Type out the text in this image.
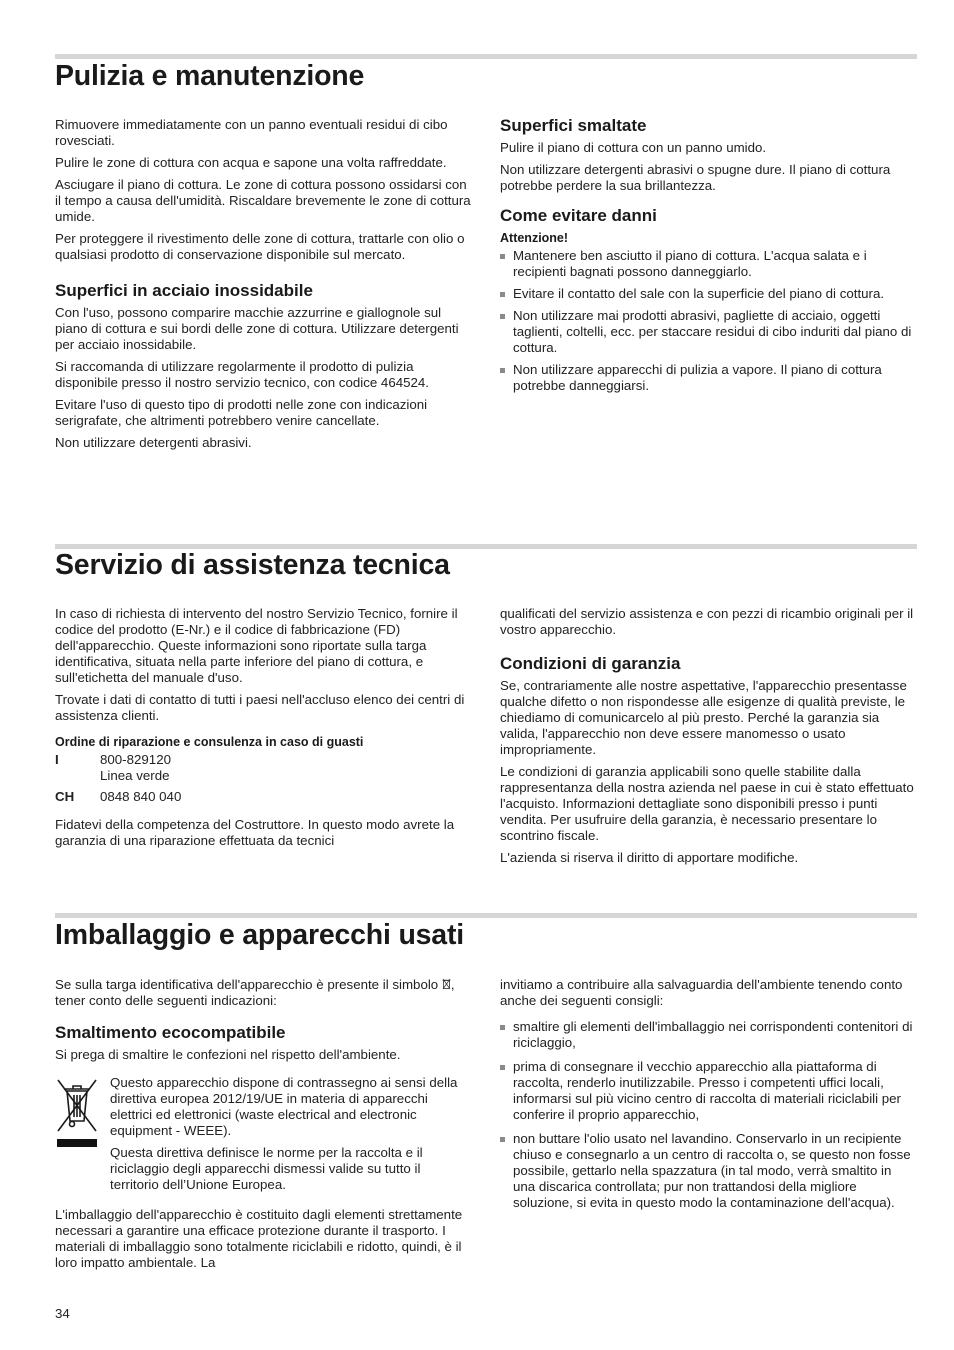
Pulizia e manutenzione

Rimuovere immediatamente con un panno eventuali residui di cibo rovesciati.

Pulire le zone di cottura con acqua e sapone una volta raffreddate.

Asciugare il piano di cottura. Le zone di cottura possono ossidarsi con il tempo a causa dell'umidità. Riscaldare brevemente le zone di cottura umide.

Per proteggere il rivestimento delle zone di cottura, trattarle con olio o qualsiasi prodotto di conservazione disponibile sul mercato.

Superfici in acciaio inossidabile

Con l'uso, possono comparire macchie azzurrine e giallognole sul piano di cottura e sui bordi delle zone di cottura. Utilizzare detergenti per acciaio inossidabile.

Si raccomanda di utilizzare regolarmente il prodotto di pulizia disponibile presso il nostro servizio tecnico, con codice 464524.

Evitare l'uso di questo tipo di prodotti nelle zone con indicazioni serigrafate, che altrimenti potrebbero venire cancellate.

Non utilizzare detergenti abrasivi.

Superfici smaltate

Pulire il piano di cottura con un panno umido.

Non utilizzare detergenti abrasivi o spugne dure. Il piano di cottura potrebbe perdere la sua brillantezza.

Come evitare danni
Attenzione!
Mantenere ben asciutto il piano di cottura. L'acqua salata e i recipienti bagnati possono danneggiarlo.
Evitare il contatto del sale con la superficie del piano di cottura.
Non utilizzare mai prodotti abrasivi, pagliette di acciaio, oggetti taglienti, coltelli, ecc. per staccare residui di cibo induriti dal piano di cottura.
Non utilizzare apparecchi di pulizia a vapore. Il piano di cottura potrebbe danneggiarsi.
Servizio di assistenza tecnica

In caso di richiesta di intervento del nostro Servizio Tecnico, fornire il codice del prodotto (E-Nr.) e il codice di fabbricazione (FD) dell'apparecchio. Queste informazioni sono riportate sulla targa identificativa, situata nella parte inferiore del piano di cottura, e sull'etichetta del manuale d'uso.

Trovate i dati di contatto di tutti i paesi nell'accluso elenco dei centri di assistenza clienti.

Ordine di riparazione e consulenza in caso di guasti
I	800-829120
Linea verde
CH	0848 840 040

Fidatevi della competenza del Costruttore. In questo modo avrete la garanzia di una riparazione effettuata da tecnici

qualificati del servizio assistenza e con pezzi di ricambio originali per il vostro apparecchio.

Condizioni di garanzia

Se, contrariamente alle nostre aspettative, l'apparecchio presentasse qualche difetto o non rispondesse alle esigenze di qualità previste, le chiediamo di comunicarcelo al più presto. Perché la garanzia sia valida, l'apparecchio non deve essere manomesso o usato impropriamente.

Le condizioni di garanzia applicabili sono quelle stabilite dalla rappresentanza della nostra azienda nel paese in cui è stato effettuato l'acquisto. Informazioni dettagliate sono disponibili presso i punti vendita. Per usufruire della garanzia, è necessario presentare lo scontrino fiscale.

L'azienda si riserva il diritto di apportare modifiche.

Imballaggio e apparecchi usati

Se sulla targa identificativa dell'apparecchio è presente il simbolo , tener conto delle seguenti indicazioni:

Smaltimento ecocompatibile

Si prega di smaltire le confezioni nel rispetto dell'ambiente.

Questo apparecchio dispone di contrassegno ai sensi della direttiva europea 2012/19/UE in materia di apparecchi elettrici ed elettronici (waste electrical and electronic equipment - WEEE).

Questa direttiva definisce le norme per la raccolta e il riciclaggio degli apparecchi dismessi valide su tutto il territorio dell’Unione Europea.

L'imballaggio dell'apparecchio è costituito dagli elementi strettamente necessari a garantire una efficace protezione durante il trasporto. I materiali di imballaggio sono totalmente riciclabili e ridotto, quindi, è il loro impatto ambientale. La

invitiamo a contribuire alla salvaguardia dell'ambiente tenendo conto anche dei seguenti consigli:

smaltire gli elementi dell'imballaggio nei corrispondenti contenitori di riciclaggio,
prima di consegnare il vecchio apparecchio alla piattaforma di raccolta, renderlo inutilizzabile. Presso i competenti uffici locali, informarsi sul più vicino centro di raccolta di materiali riciclabili per conferire il proprio apparecchio,
non buttare l'olio usato nel lavandino. Conservarlo in un recipiente chiuso e consegnarlo a un centro di raccolta o, se questo non fosse possibile, gettarlo nella spazzatura (in tal modo, verrà smaltito in una discarica controllata; pur non trattandosi della migliore soluzione, si evita in questo modo la contaminazione dell'acqua).
34
